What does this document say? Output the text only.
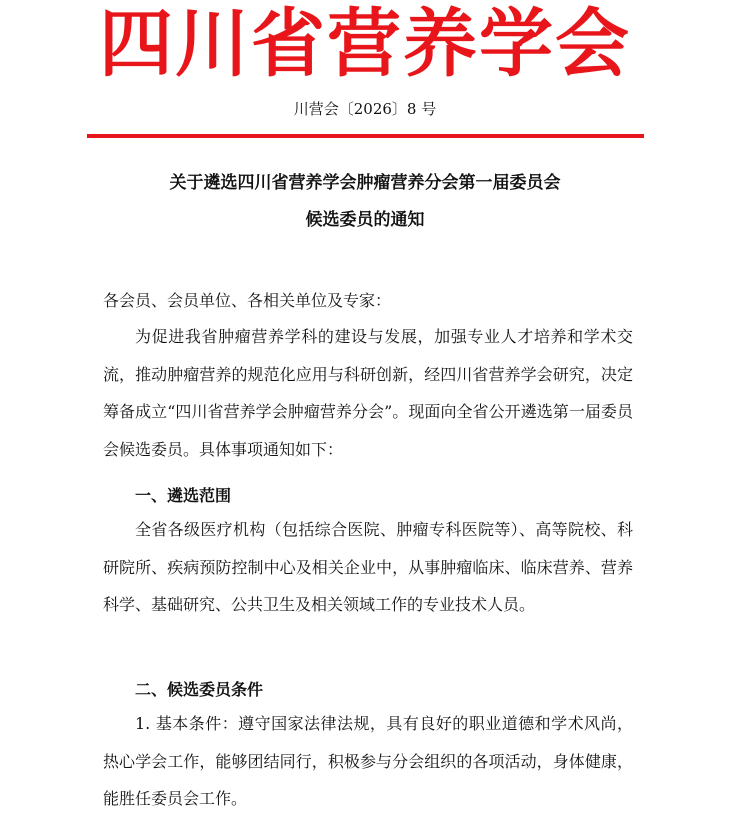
四川省营养学会
川营会〔2026〕8 号
关于遴选四川省营养学会肿瘤营养分会第一届委员会
候选委员的通知

各会员、会员单位、各相关单位及专家：

为促进我省肿瘤营养学科的建设与发展，加强专业人才培养和学术交流，推动肿瘤营养的规范化应用与科研创新，经四川省营养学会研究，决定筹备成立“四川省营养学会肿瘤营养分会”。现面向全省公开遴选第一届委员会候选委员。具体事项通知如下：

一、遴选范围

全省各级医疗机构（包括综合医院、肿瘤专科医院等）、高等院校、科研院所、疾病预防控制中心及相关企业中，从事肿瘤临床、临床营养、营养科学、基础研究、公共卫生及相关领域工作的专业技术人员。

二、候选委员条件

1. 基本条件：遵守国家法律法规，具有良好的职业道德和学术风尚，热心学会工作，能够团结同行，积极参与分会组织的各项活动，身体健康，能胜任委员会工作。
